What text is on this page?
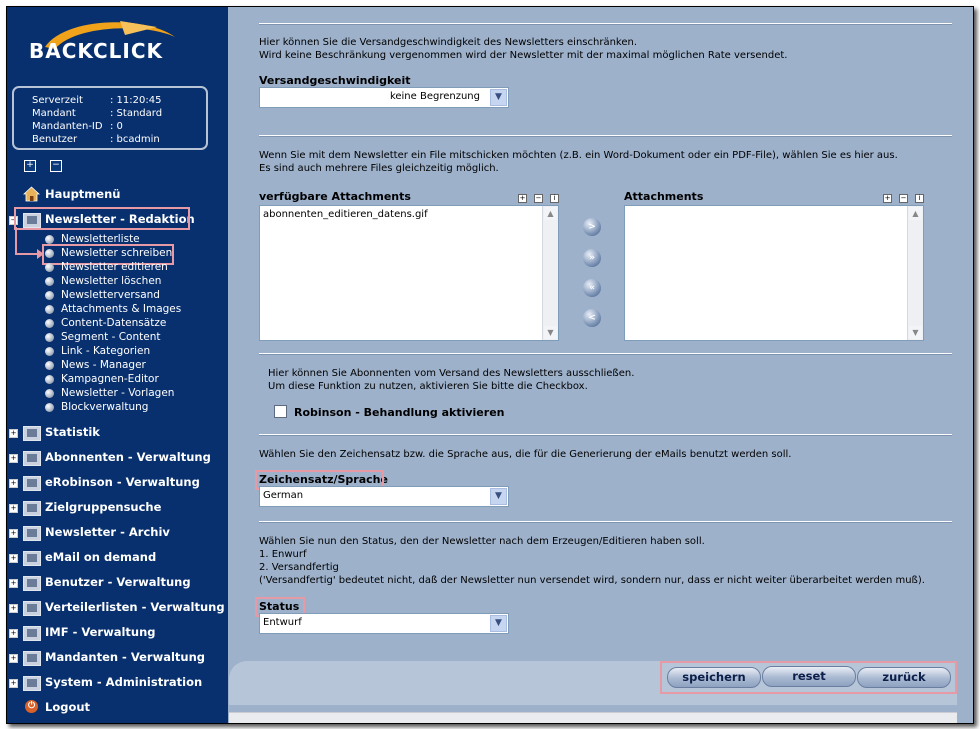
BACKCLICK
Serverzeit	: 11:20:45
Mandant	: Standard
Mandanten-ID : 0
Benutzer	: bcadmin
+ −
Hauptmenü
− Newsletter - Redaktion
Newsletterliste
Newsletter schreiben
Newsletter editieren
Newsletter löschen
Newsletterversand
Attachments & Images
Content-Datensätze
Segment - Content
Link - Kategorien
News - Manager
Kampagnen-Editor
Newsletter - Vorlagen
Blockverwaltung
+ Statistik
+ Abonnenten - Verwaltung
+ eRobinson - Verwaltung
+ Zielgruppensuche
+ Newsletter - Archiv
+ eMail on demand
+ Benutzer - Verwaltung
+ Verteilerlisten - Verwaltung
+ IMF - Verwaltung
+ Mandanten - Verwaltung
+ System - Administration
⏻ Logout
Hier können Sie die Versandgeschwindigkeit des Newsletters einschränken.
Wird keine Beschränkung vergenommen wird der Newsletter mit der maximal möglichen Rate versendet.
Versandgeschwindigkeit
keine Begrenzung	▼
Wenn Sie mit dem Newsletter ein File mitschicken möchten (z.B. ein Word-Dokument oder ein PDF-File), wählen Sie es hier aus.
Es sind auch mehrere Files gleichzeitig möglich.
verfügbare Attachments	+ −	i
abonnenten_editieren_datens.gif	▲
▼
>
»
«
<
Attachments	+ −	i
▲
▼
Hier können Sie Abonnenten vom Versand des Newsletters ausschließen.
Um diese Funktion zu nutzen, aktivieren Sie bitte die Checkbox.
Robinson - Behandlung aktivieren
Wählen Sie den Zeichensatz bzw. die Sprache aus, die für die Generierung der eMails benutzt werden soll.
Zeichensatz/Sprache
German	▼
Wählen Sie nun den Status, den der Newsletter nach dem Erzeugen/Editieren haben soll.
1. Enwurf
2. Versandfertig
('Versandfertig' bedeutet nicht, daß der Newsletter nun versendet wird, sondern nur, dass er nicht weiter überarbeitet werden muß).
Status
Entwurf	▼
speichern	reset	zurück
